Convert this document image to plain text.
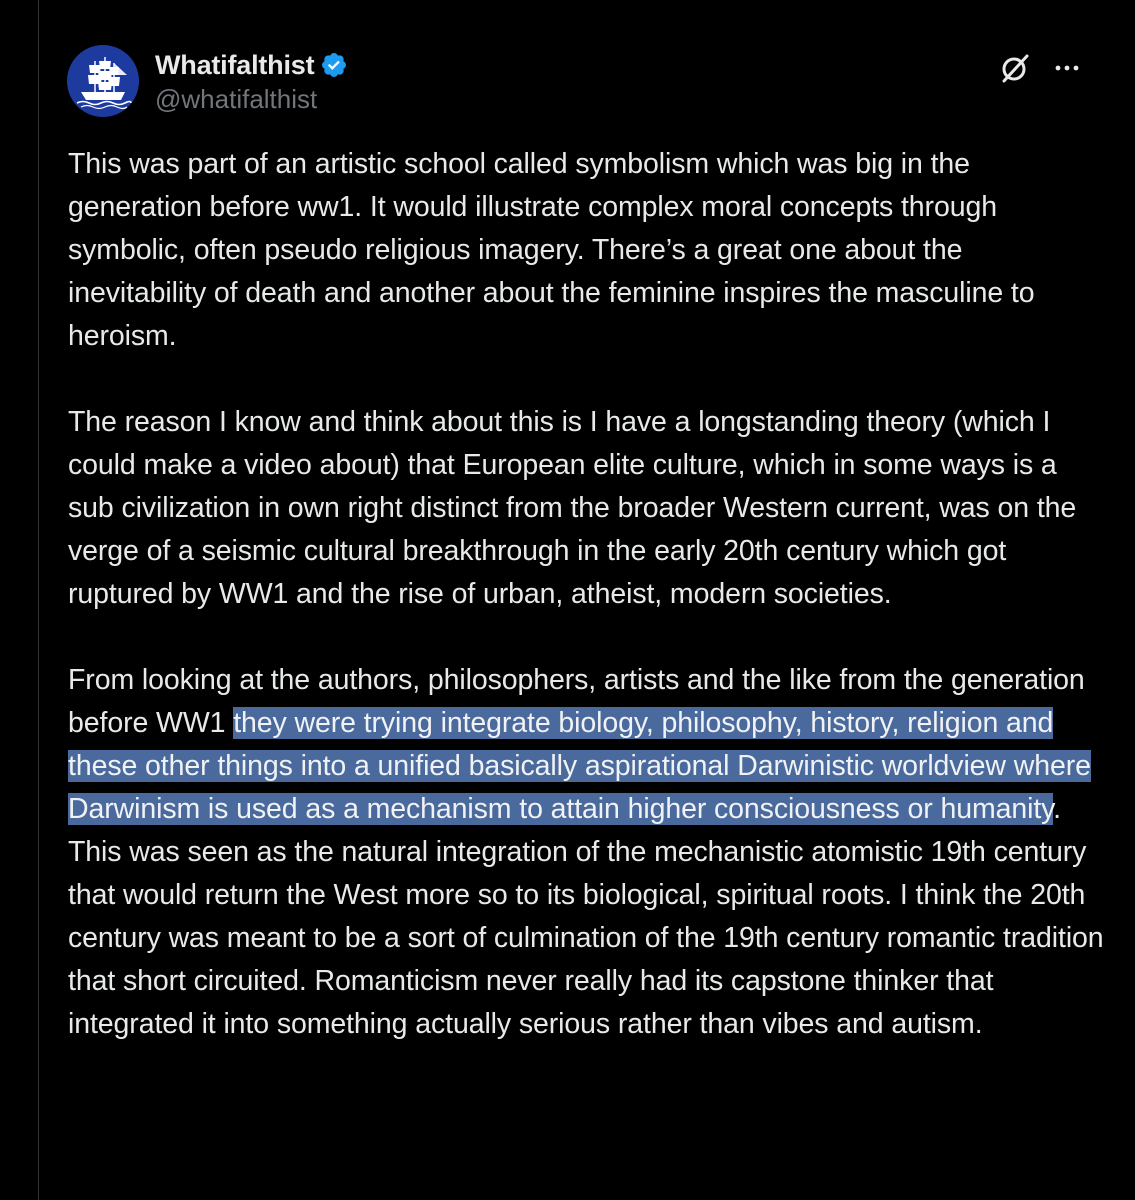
Whatifalthist
@whatifalthist

This was part of an artistic school called symbolism which was big in the generation before ww1. It would illustrate complex moral concepts through symbolic, often pseudo religious imagery. There’s a great one about the inevitability of death and another about the feminine inspires the masculine to heroism.

The reason I know and think about this is I have a longstanding theory (which I could make a video about) that European elite culture, which in some ways is a sub civilization in own right distinct from the broader Western current, was on the verge of a seismic cultural breakthrough in the early 20th century which got ruptured by WW1 and the rise of urban, atheist, modern societies.

From looking at the authors, philosophers, artists and the like from the generation before WW1 they were trying integrate biology, philosophy, history, religion and these other things into a unified basically aspirational Darwinistic worldview where Darwinism is used as a mechanism to attain higher consciousness or humanity. This was seen as the natural integration of the mechanistic atomistic 19th century that would return the West more so to its biological, spiritual roots. I think the 20th century was meant to be a sort of culmination of the 19th century romantic tradition that short circuited. Romanticism never really had its capstone thinker that integrated it into something actually serious rather than vibes and autism.
